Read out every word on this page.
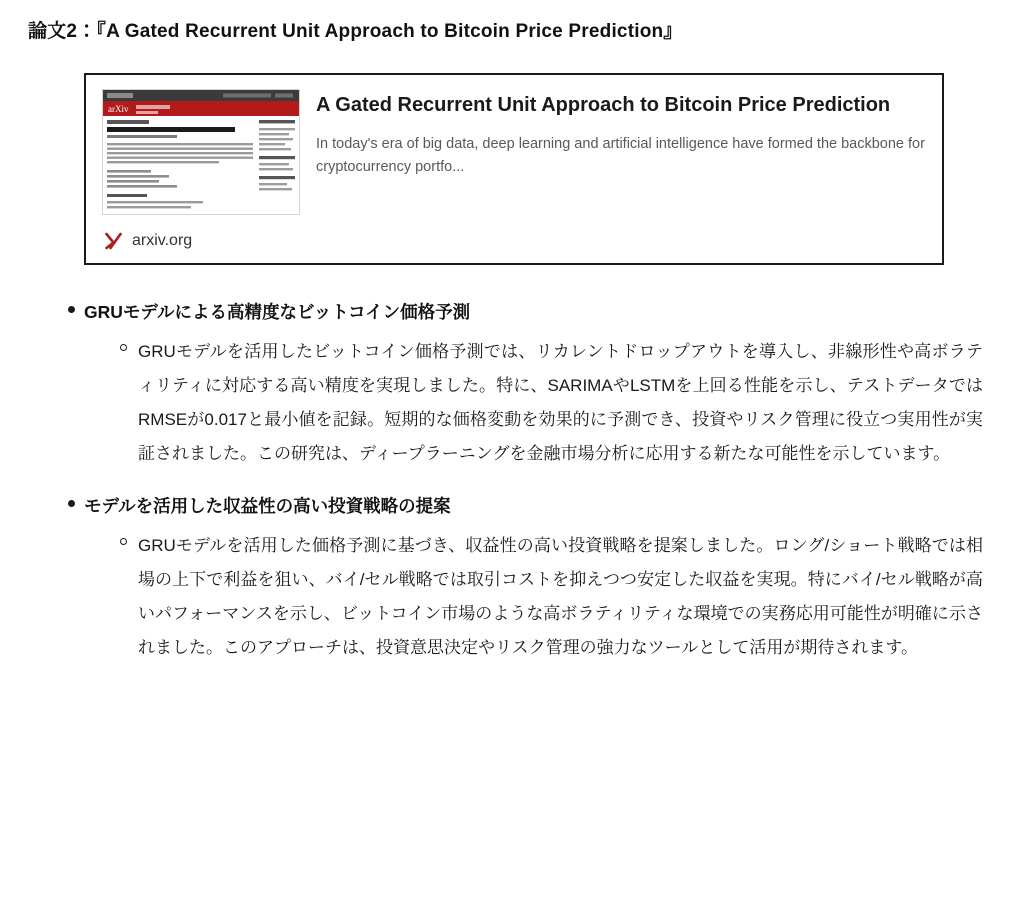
論文2：『A Gated Recurrent Unit Approach to Bitcoin Price Prediction』
arXiv	A Gated Recurrent Unit Approach to Bitcoin Price Prediction
In today's era of big data, deep learning and artificial intelligence have formed the backbone for cryptocurrency portfo...
arxiv.org
GRUモデルによる高精度なビットコイン価格予測
GRUモデルを活用したビットコイン価格予測では、リカレントドロップアウトを導入し、非線形性や高ボラティリティに対応する高い精度を実現しました。特に、SARIMAやLSTMを上回る性能を示し、テストデータではRMSEが0.017と最小値を記録。短期的な価格変動を効果的に予測でき、投資やリスク管理に役立つ実用性が実証されました。この研究は、ディープラーニングを金融市場分析に応用する新たな可能性を示しています。
モデルを活用した収益性の高い投資戦略の提案
GRUモデルを活用した価格予測に基づき、収益性の高い投資戦略を提案しました。ロング/ショート戦略では相場の上下で利益を狙い、バイ/セル戦略では取引コストを抑えつつ安定した収益を実現。特にバイ/セル戦略が高いパフォーマンスを示し、ビットコイン市場のような高ボラティリティな環境での実務応用可能性が明確に示されました。このアプローチは、投資意思決定やリスク管理の強力なツールとして活用が期待されます。
